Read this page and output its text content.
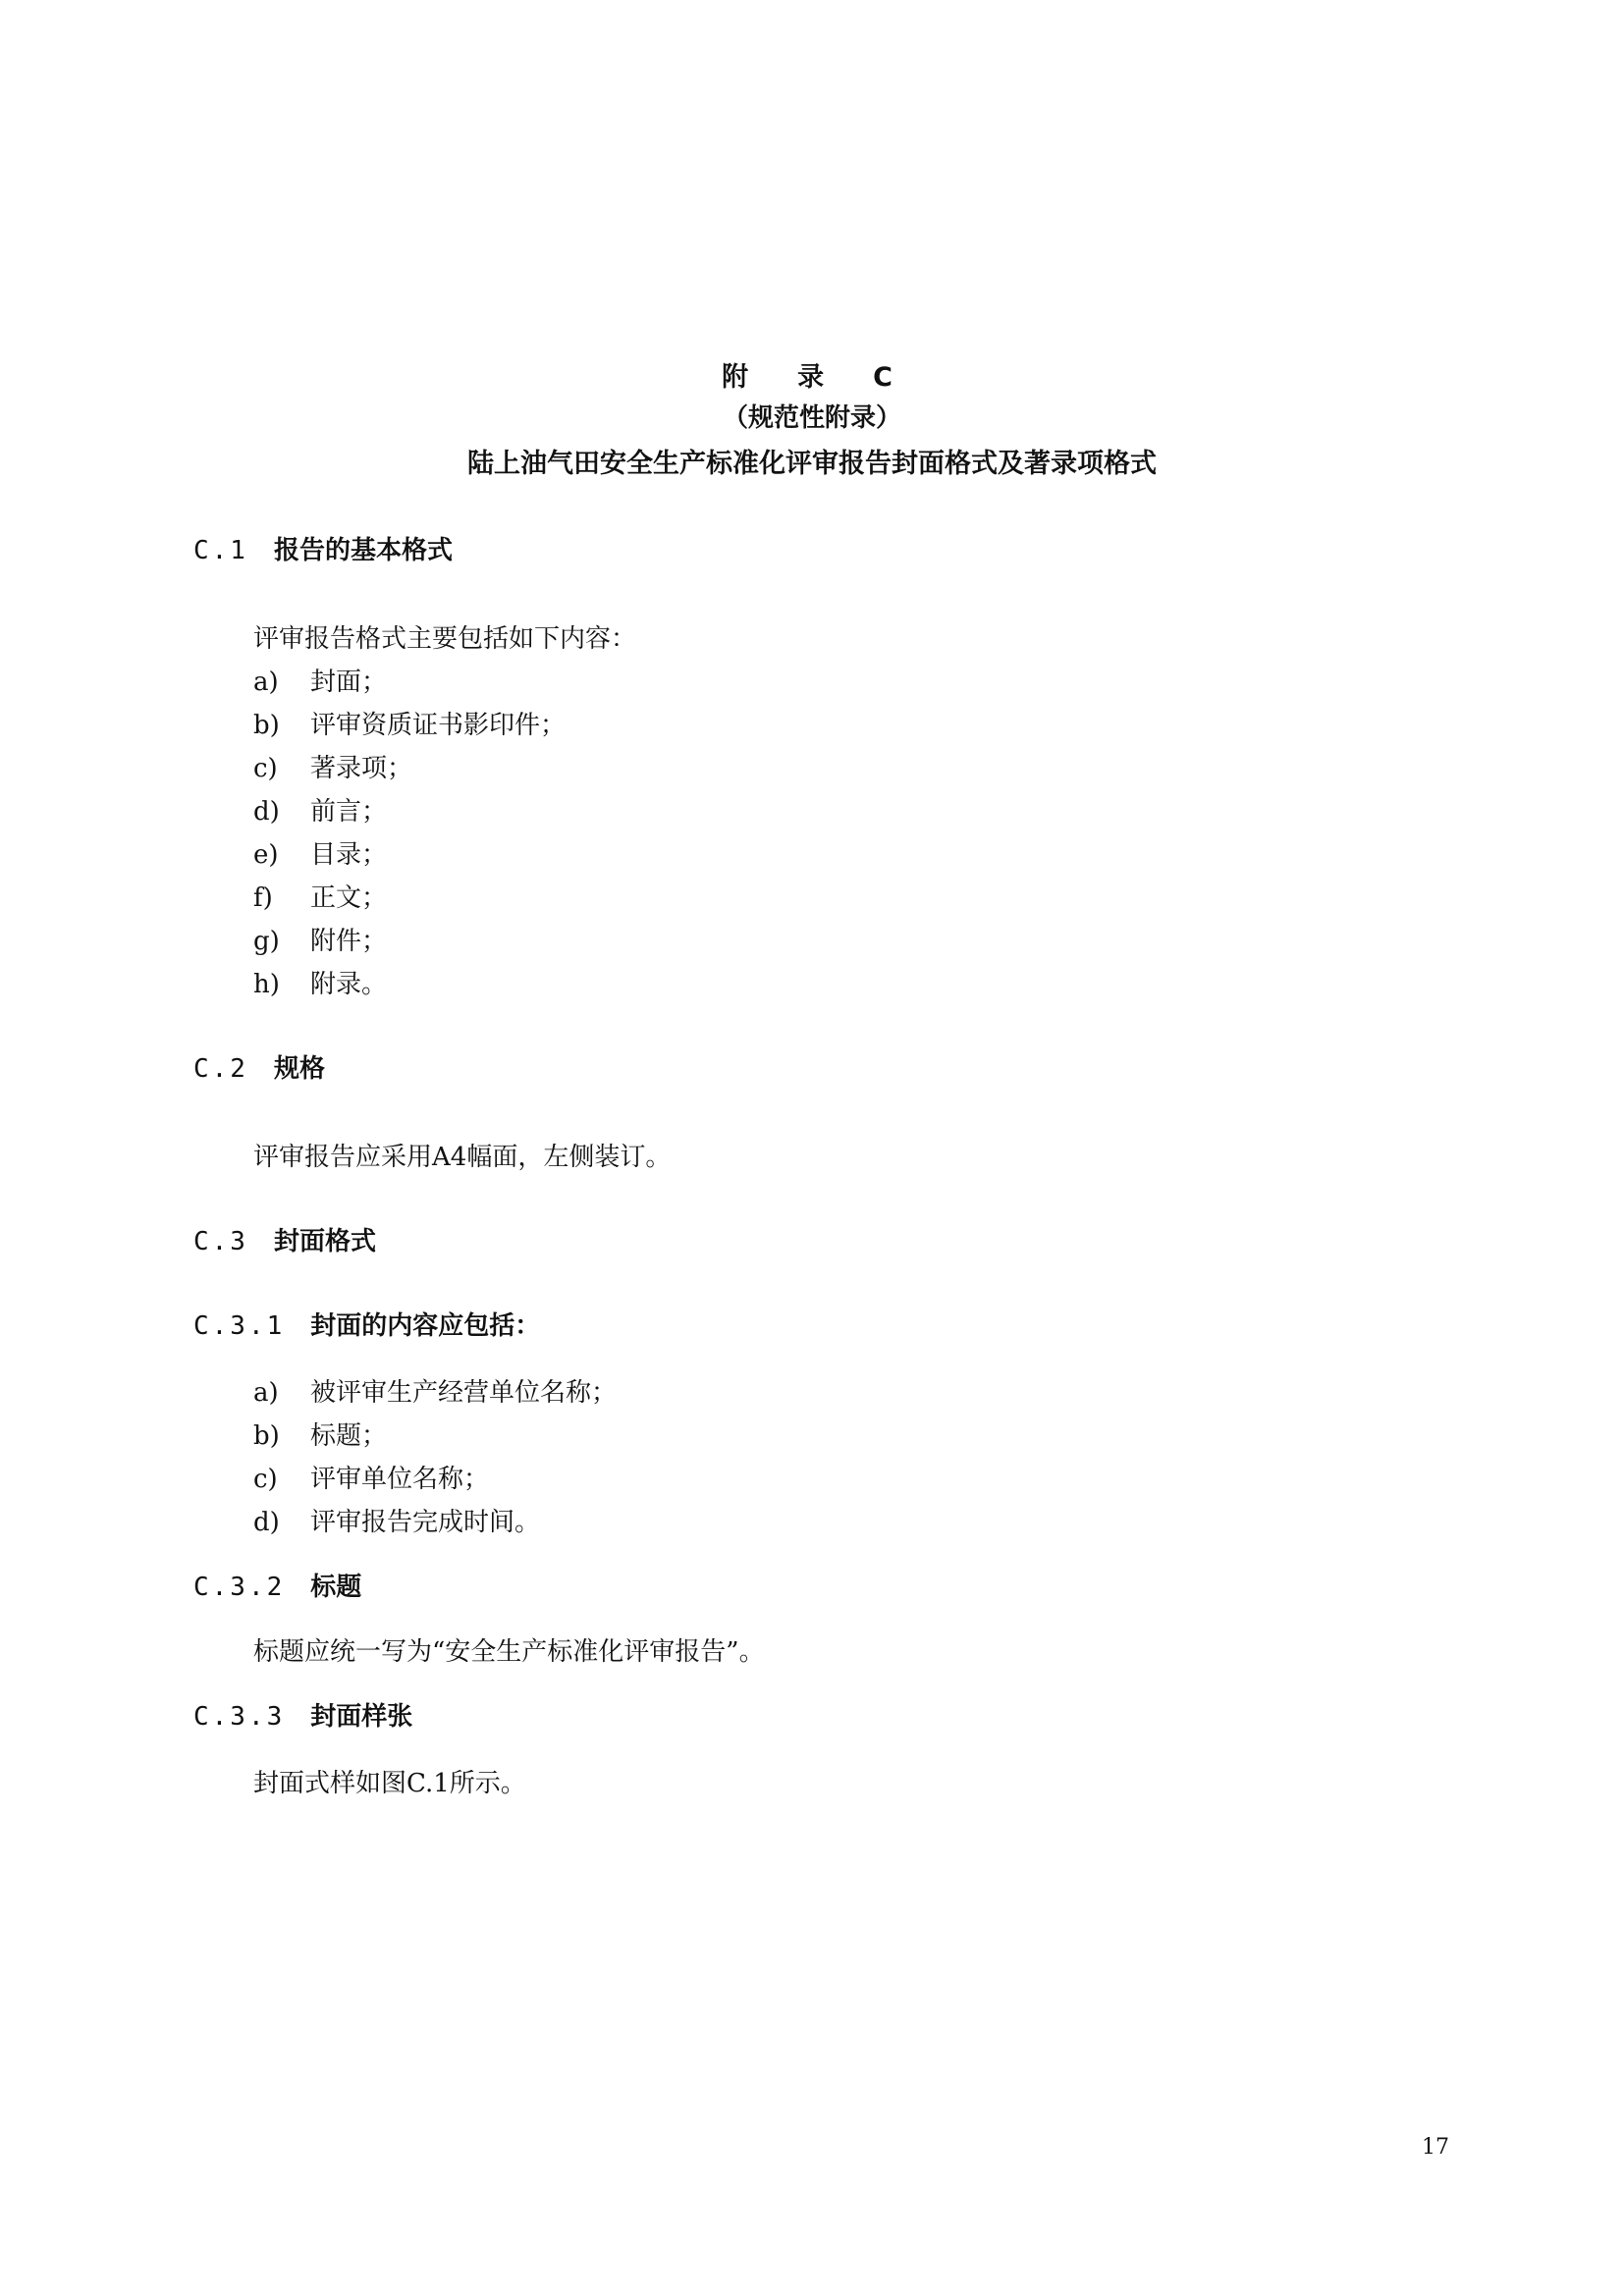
附 录 C
（规范性附录）
陆上油气田安全生产标准化评审报告封面格式及著录项格式
C.1 报告的基本格式
评审报告格式主要包括如下内容：
a) 封面；
b) 评审资质证书影印件；
c) 著录项；
d) 前言；
e) 目录；
f) 正文；
g) 附件；
h) 附录。
C.2 规格
评审报告应采用A4幅面，左侧装订。
C.3 封面格式
C.3.1 封面的内容应包括：
a) 被评审生产经营单位名称；
b) 标题；
c) 评审单位名称；
d) 评审报告完成时间。
C.3.2 标题
标题应统一写为“安全生产标准化评审报告”。
C.3.3 封面样张
封面式样如图C.1所示。
17
